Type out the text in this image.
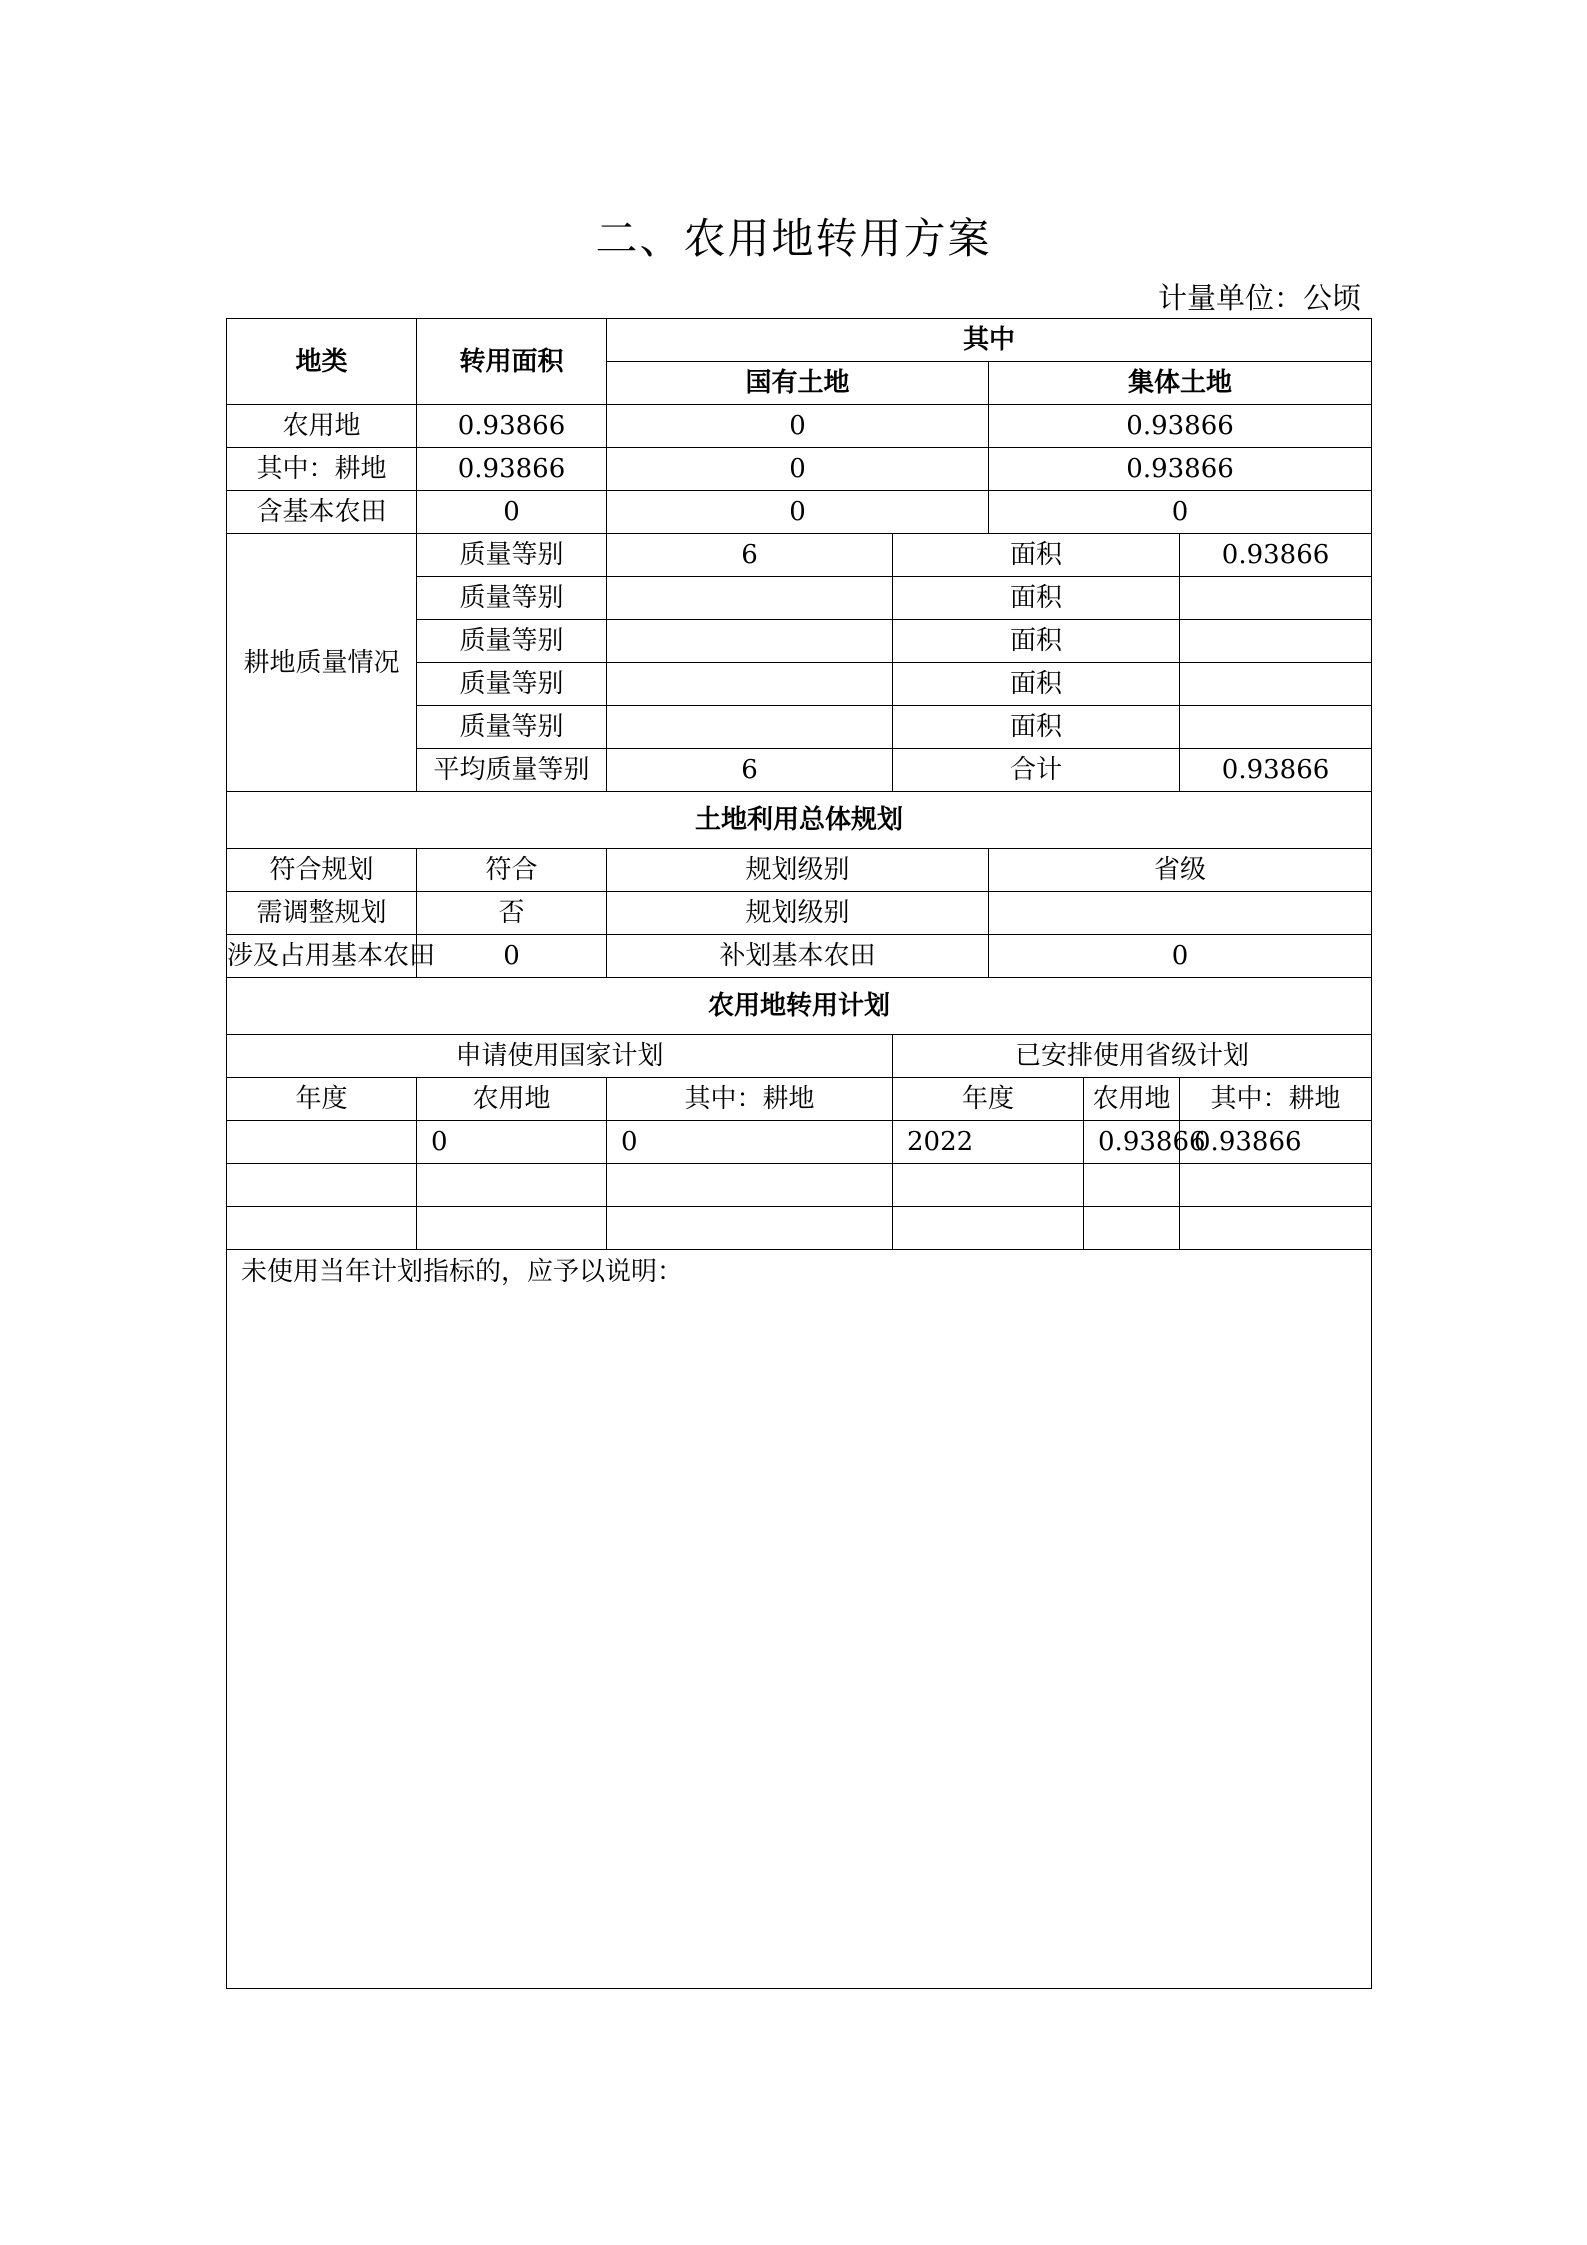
二、农用地转用方案
计量单位：公顷
地类	转用面积	其中				
		国有土地		集体土地		
农用地	0.93866	0		0.93866		
其中：耕地	0.93866	0		0.93866		
含基本农田	0	0		0		
耕地质量情况	质量等别	6	面积			0.93866
	质量等别		面积			
	质量等别		面积			
	质量等别		面积			
	质量等别		面积			
	平均质量等别	6	合计			0.93866
土地利用总体规划						
符合规划	符合	规划级别		省级		
需调整规划	否	规划级别				
涉及占用基本农田	0	补划基本农田		0		
农用地转用计划						
申请使用国家计划			已安排使用省级计划			
年度	农用地	其中：耕地	年度		农用地	其中：耕地
	0	0	2022		0.93866	0.93866

未使用当年计划指标的，应予以说明：						
